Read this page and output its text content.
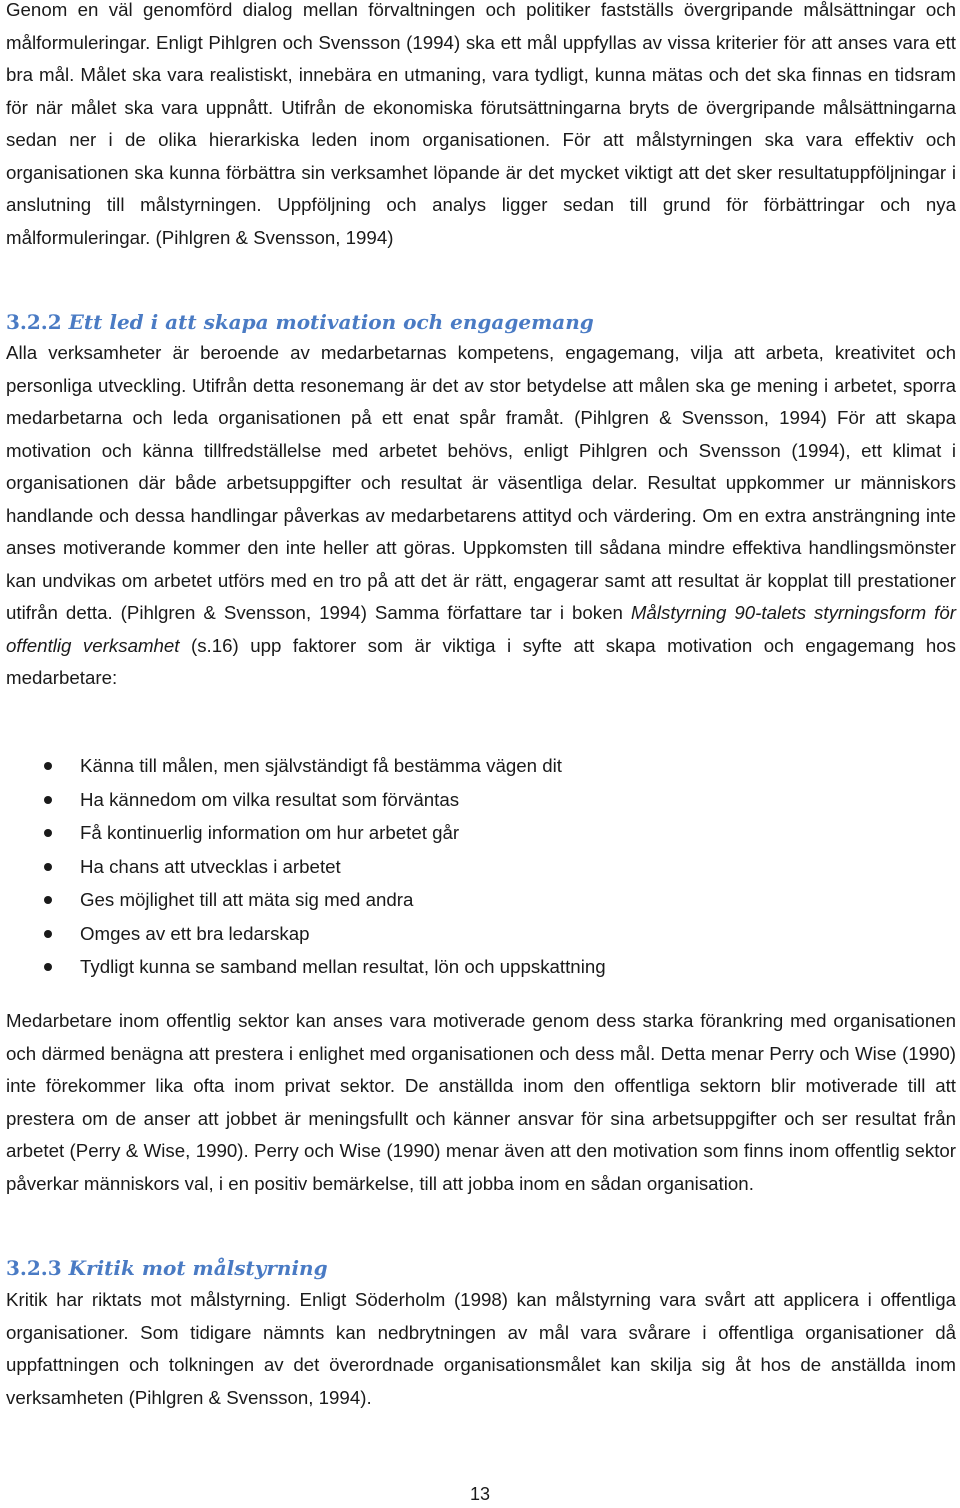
Genom en väl genomförd dialog mellan förvaltningen och politiker fastställs övergripande målsättningar och målformuleringar. Enligt Pihlgren och Svensson (1994) ska ett mål uppfyllas av vissa kriterier för att anses vara ett bra mål. Målet ska vara realistiskt, innebära en utmaning, vara tydligt, kunna mätas och det ska finnas en tidsram för när målet ska vara uppnått. Utifrån de ekonomiska förutsättningarna bryts de övergripande målsättningarna sedan ner i de olika hierarkiska leden inom organisationen. För att målstyrningen ska vara effektiv och organisationen ska kunna förbättra sin verksamhet löpande är det mycket viktigt att det sker resultatuppföljningar i anslutning till målstyrningen. Uppföljning och analys ligger sedan till grund för förbättringar och nya målformuleringar. (Pihlgren & Svensson, 1994)

3.2.2 Ett led i att skapa motivation och engagemang

Alla verksamheter är beroende av medarbetarnas kompetens, engagemang, vilja att arbeta, kreativitet och personliga utveckling. Utifrån detta resonemang är det av stor betydelse att målen ska ge mening i arbetet, sporra medarbetarna och leda organisationen på ett enat spår framåt. (Pihlgren & Svensson, 1994) För att skapa motivation och känna tillfredställelse med arbetet behövs, enligt Pihlgren och Svensson (1994), ett klimat i organisationen där både arbetsuppgifter och resultat är väsentliga delar. Resultat uppkommer ur människors handlande och dessa handlingar påverkas av medarbetarens attityd och värdering. Om en extra ansträngning inte anses motiverande kommer den inte heller att göras. Uppkomsten till sådana mindre effektiva handlingsmönster kan undvikas om arbetet utförs med en tro på att det är rätt, engagerar samt att resultat är kopplat till prestationer utifrån detta. (Pihlgren & Svensson, 1994) Samma författare tar i boken Målstyrning 90-talets styrningsform för offentlig verksamhet (s.16) upp faktorer som är viktiga i syfte att skapa motivation och engagemang hos medarbetare:

Känna till målen, men självständigt få bestämma vägen dit
Ha kännedom om vilka resultat som förväntas
Få kontinuerlig information om hur arbetet går
Ha chans att utvecklas i arbetet
Ges möjlighet till att mäta sig med andra
Omges av ett bra ledarskap
Tydligt kunna se samband mellan resultat, lön och uppskattning

Medarbetare inom offentlig sektor kan anses vara motiverade genom dess starka förankring med organisationen och därmed benägna att prestera i enlighet med organisationen och dess mål. Detta menar Perry och Wise (1990) inte förekommer lika ofta inom privat sektor. De anställda inom den offentliga sektorn blir motiverade till att prestera om de anser att jobbet är meningsfullt och känner ansvar för sina arbetsuppgifter och ser resultat från arbetet (Perry & Wise, 1990). Perry och Wise (1990) menar även att den motivation som finns inom offentlig sektor påverkar människors val, i en positiv bemärkelse, till att jobba inom en sådan organisation.

3.2.3 Kritik mot målstyrning

Kritik har riktats mot målstyrning. Enligt Söderholm (1998) kan målstyrning vara svårt att applicera i offentliga organisationer. Som tidigare nämnts kan nedbrytningen av mål vara svårare i offentliga organisationer då uppfattningen och tolkningen av det överordnade organisationsmålet kan skilja sig åt hos de anställda inom verksamheten (Pihlgren & Svensson, 1994).

13
